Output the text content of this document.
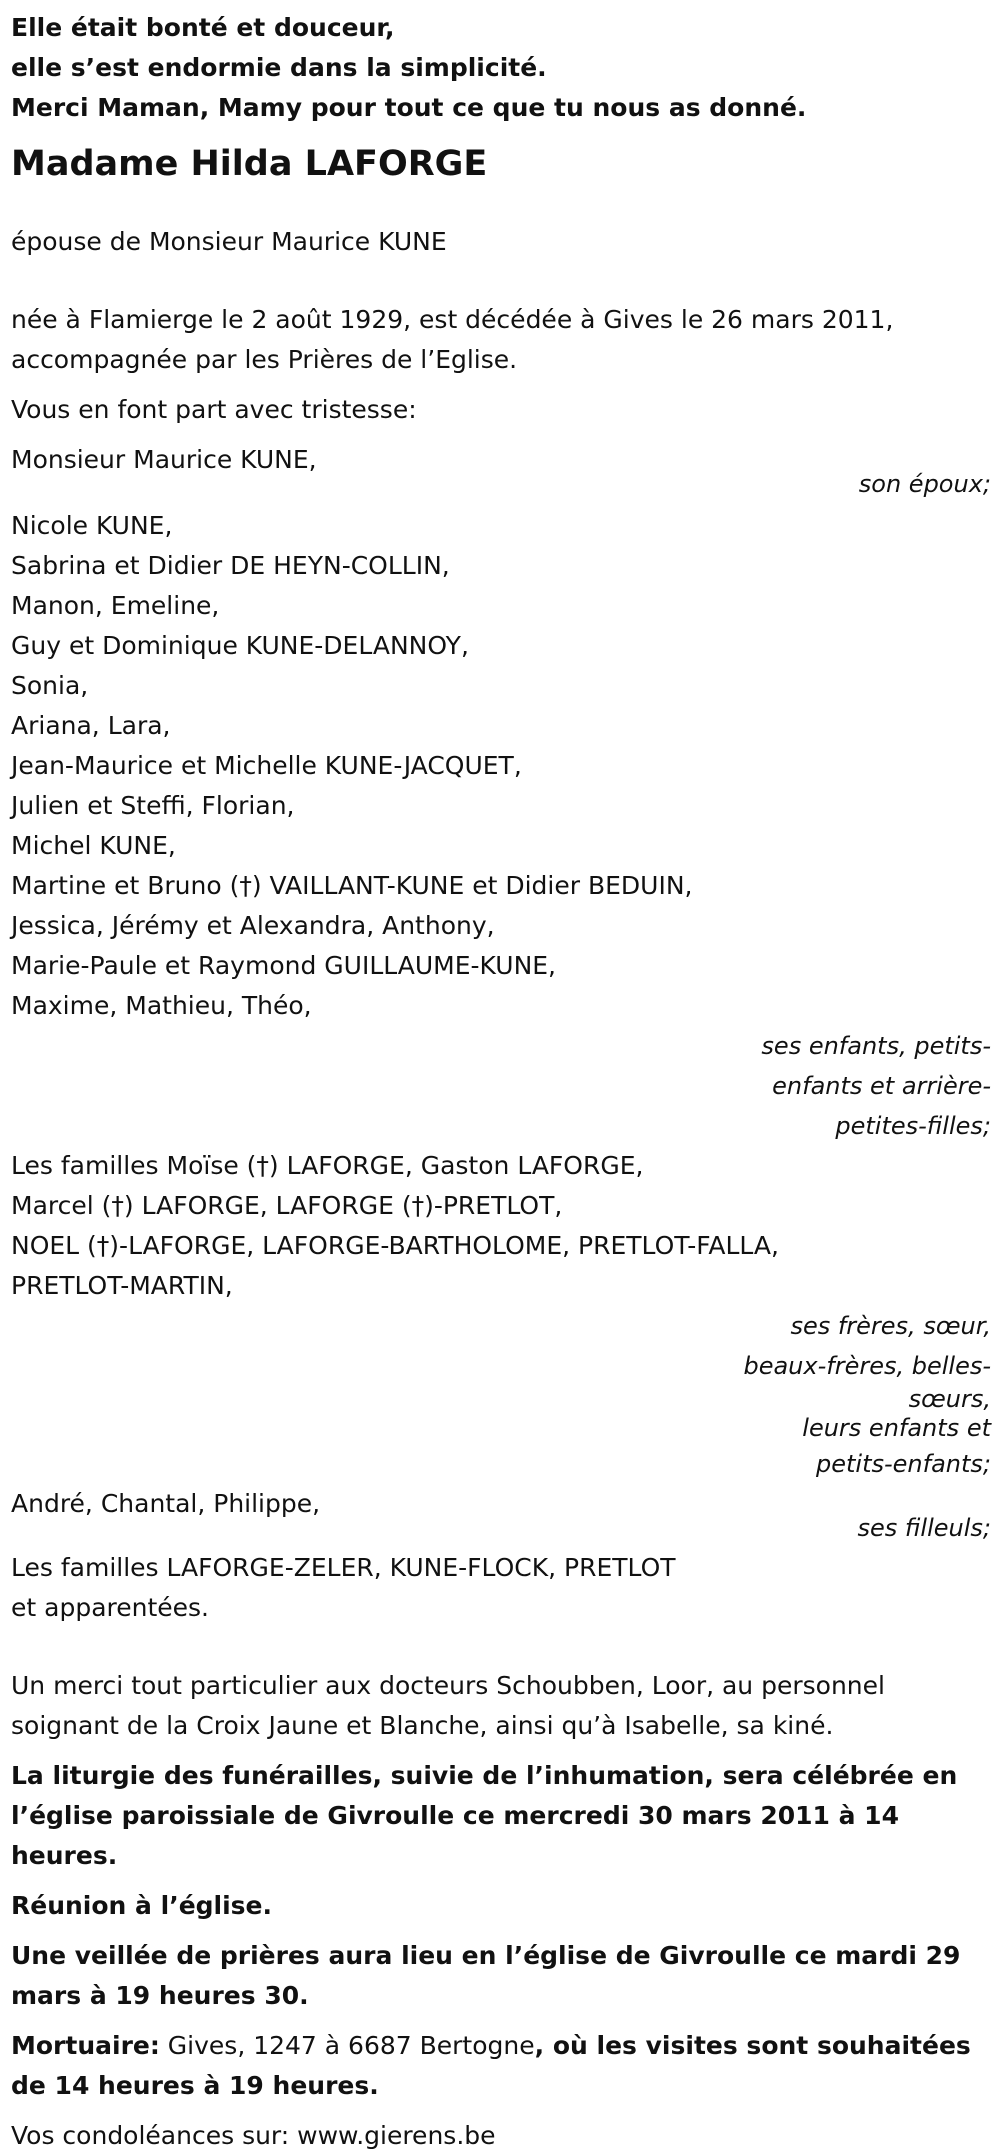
Elle était bonté et douceur,

elle s’est endormie dans la simplicité.

Merci Maman, Mamy pour tout ce que tu nous as donné.

Madame Hilda LAFORGE

épouse de Monsieur Maurice KUNE

née à Flamierge le 2 août 1929, est décédée à Gives le 26 mars 2011,

accompagnée par les Prières de l’Eglise.

Vous en font part avec tristesse:

Monsieur Maurice KUNE,

son époux;

Nicole KUNE,

Sabrina et Didier DE HEYN-COLLIN,

Manon, Emeline,

Guy et Dominique KUNE-DELANNOY,

Sonia,

Ariana, Lara,

Jean-Maurice et Michelle KUNE-JACQUET,

Julien et Steffi, Florian,

Michel KUNE,

Martine et Bruno (†) VAILLANT-KUNE et Didier BEDUIN,

Jessica, Jérémy et Alexandra, Anthony,

Marie-Paule et Raymond GUILLAUME-KUNE,

Maxime, Mathieu, Théo,

ses enfants, petits-

enfants et arrière-

petites-filles;

Les familles Moïse (†) LAFORGE, Gaston LAFORGE,

Marcel (†) LAFORGE, LAFORGE (†)-PRETLOT,

NOEL (†)-LAFORGE, LAFORGE-BARTHOLOME, PRETLOT-FALLA,

PRETLOT-MARTIN,

ses frères, sœur,

beaux-frères, belles-

sœurs,

leurs enfants et

petits-enfants;

André, Chantal, Philippe,

ses filleuls;

Les familles LAFORGE-ZELER, KUNE-FLOCK, PRETLOT

et apparentées.

Un merci tout particulier aux docteurs Schoubben, Loor, au personnel

soignant de la Croix Jaune et Blanche, ainsi qu’à Isabelle, sa kiné.

La liturgie des funérailles, suivie de l’inhumation, sera célébrée en

l’église paroissiale de Givroulle ce mercredi 30 mars 2011 à 14 heures.

Réunion à l’église.

Une veillée de prières aura lieu en l’église de Givroulle ce mardi 29

mars à 19 heures 30.

Mortuaire: Gives, 1247 à 6687 Bertogne, où les visites sont souhaitées

de 14 heures à 19 heures.

Vos condoléances sur: www.gierens.be
